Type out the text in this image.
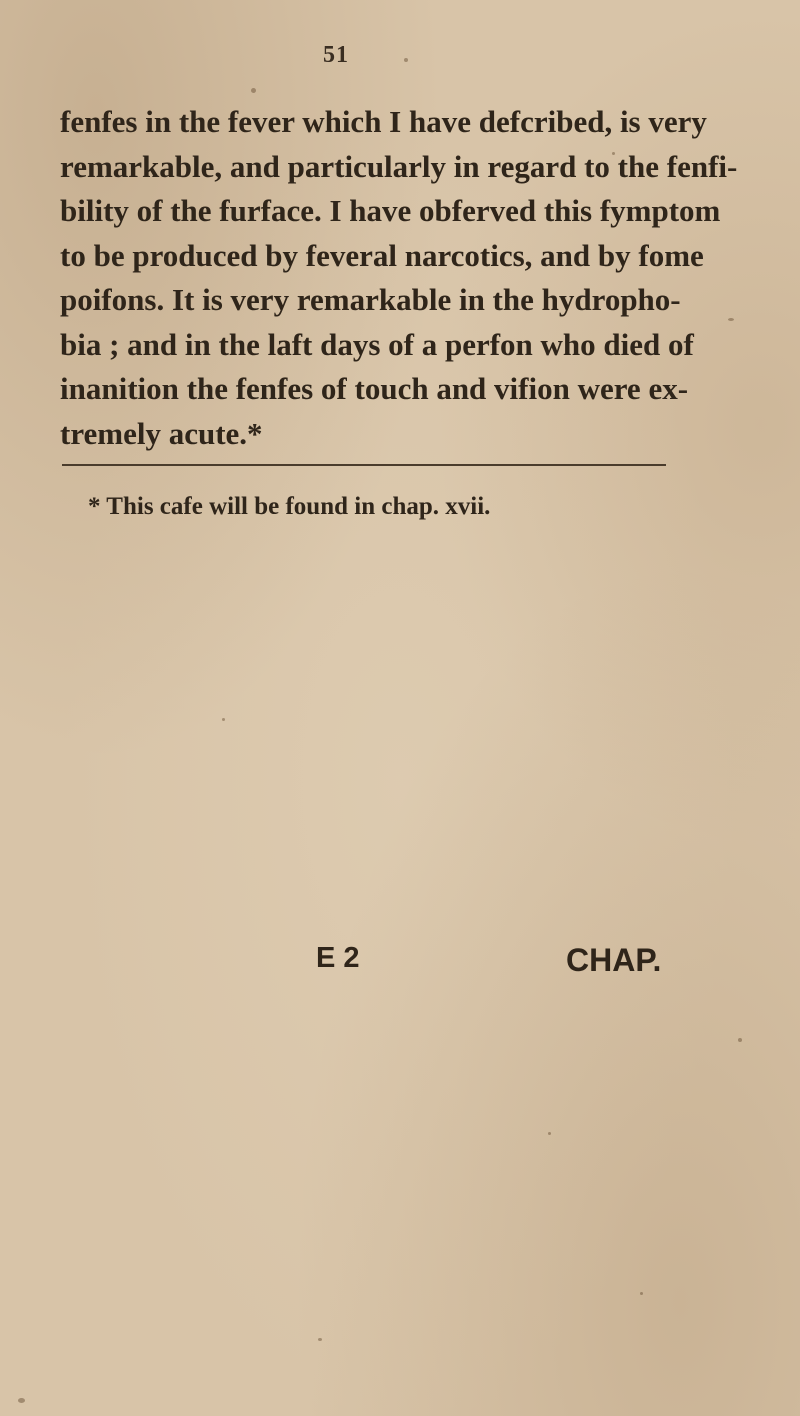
51
fenfes in the fever which I have defcribed, is very
remarkable, and particularly in regard to the fenfi-
bility of the furface. I have obferved this fymptom
to be produced by feveral narcotics, and by fome
poifons. It is very remarkable in the hydropho-
bia ; and in the laft days of a perfon who died of
inanition the fenfes of touch and vifion were ex-
tremely acute.*
* This cafe will be found in chap. xvii.
E 2	CHAP.
